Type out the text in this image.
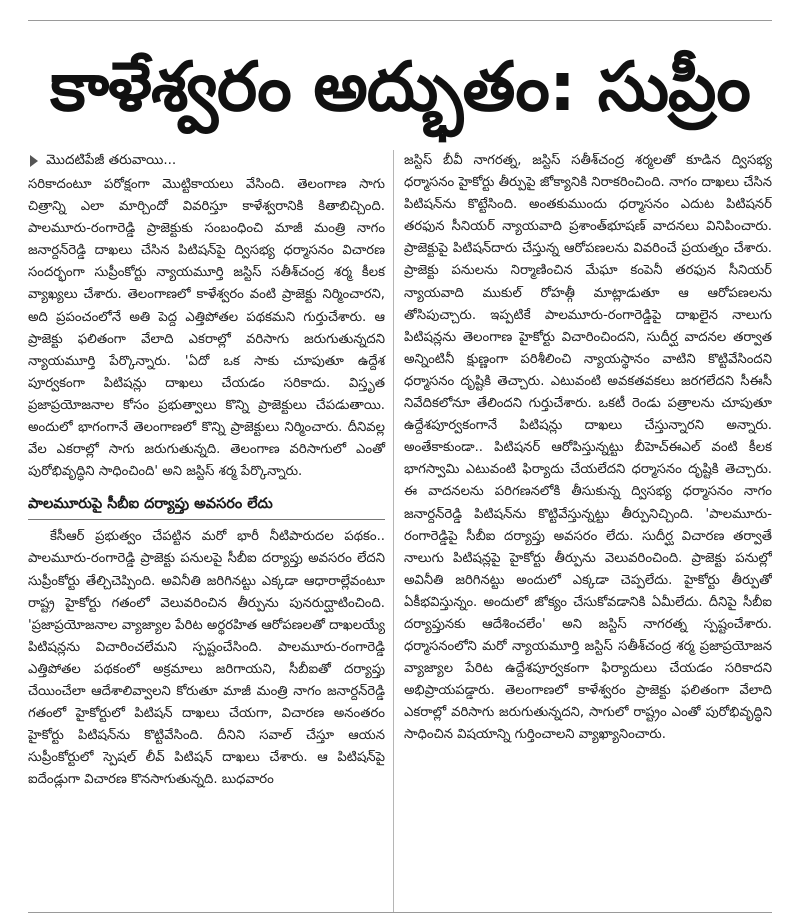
కాళేశ్వరం అద్భుతం: సుప్రీం
మొదటిపేజీ తరువాయి...

సరికాదంటూ పరోక్షంగా మొట్టికాయలు వేసింది. తెలంగాణ సాగు చిత్రాన్ని ఎలా మార్చిందో వివరిస్తూ కాళేశ్వరానికి కితాబిచ్చింది. పాలమూరు-రంగారెడ్డి ప్రాజెక్టుకు సంబంధించి మాజీ మంత్రి నాగం జనార్దన్‌రెడ్డి దాఖలు చేసిన పిటిషన్‌పై ద్విసభ్య ధర్మాసనం విచారణ సందర్భంగా సుప్రీంకోర్టు న్యాయమూర్తి జస్టిస్ సతీశ్‌చంద్ర శర్మ కీలక వ్యాఖ్యలు చేశారు. తెలంగాణలో కాళేశ్వరం వంటి ప్రాజెక్టు నిర్మించారని, అది ప్రపంచంలోనే అతి పెద్ద ఎత్తిపోతల పథకమని గుర్తుచేశారు. ఆ ప్రాజెక్టు ఫలితంగా వేలాది ఎకరాల్లో వరిసాగు జరుగుతున్నదని న్యాయమూర్తి పేర్కొన్నారు. 'ఏదో ఒక సాకు చూపుతూ ఉద్దేశ పూర్వకంగా పిటిషన్లు దాఖలు చేయడం సరికాదు. విస్తృత ప్రజాప్రయోజనాల కోసం ప్రభుత్వాలు కొన్ని ప్రాజెక్టులు చేపడుతాయి. అందులో భాగంగానే తెలంగాణలో కొన్ని ప్రాజెక్టులు నిర్మించారు. దీనివల్ల వేల ఎకరాల్లో సాగు జరుగుతున్నది. తెలంగాణ వరిసాగులో ఎంతో పురోభివృద్ధిని సాధించింది' అని జస్టిస్ శర్మ పేర్కొన్నారు.

పాలమూరుపై సీబీఐ దర్యాప్తు అవసరం లేదు

కేసీఆర్ ప్రభుత్వం చేపట్టిన మరో భారీ నీటిపారుదల పథకం.. పాలమూరు-రంగారెడ్డి ప్రాజెక్టు పనులపై సీబీఐ దర్యాప్తు అవసరం లేదని సుప్రీంకోర్టు తేల్చిచెప్పింది. అవినీతి జరిగినట్టు ఎక్కడా ఆధారాల్లేవంటూ రాష్ట్ర హైకోర్టు గతంలో వెలువరించిన తీర్పును పునరుద్ఘాటించింది. 'ప్రజాప్రయోజనాల వ్యాజ్యాల పేరిట అర్థరహిత ఆరోపణలతో దాఖలయ్యే పిటిషన్లను విచారించలేమని స్పష్టంచేసింది. పాలమూరు-రంగారెడ్డి ఎత్తిపోతల పథకంలో అక్రమాలు జరిగాయని, సీబీఐతో దర్యాప్తు చేయించేలా ఆదేశాలివ్వాలని కోరుతూ మాజీ మంత్రి నాగం జనార్దన్‌రెడ్డి గతంలో హైకోర్టులో పిటిషన్ దాఖలు చేయగా, విచారణ అనంతరం హైకోర్టు పిటిషన్‌ను కొట్టివేసింది. దీనిని సవాల్ చేస్తూ ఆయన సుప్రీంకోర్టులో స్పెషల్ లీవ్ పిటిషన్ దాఖలు చేశారు. ఆ పిటిషన్‌పై ఐదేండ్లుగా విచారణ కొనసాగుతున్నది. బుధవారం

జస్టిస్ బీవీ నాగరత్న, జస్టిస్ సతీశ్‌చంద్ర శర్మలతో కూడిన ద్విసభ్య ధర్మాసనం హైకోర్టు తీర్పుపై జోక్యానికి నిరాకరించింది. నాగం దాఖలు చేసిన పిటిషన్‌ను కొట్టేసింది. అంతకుముందు ధర్మాసనం ఎదుట పిటిషనర్ తరఫున సీనియర్ న్యాయవాది ప్రశాంత్‌భూషణ్ వాదనలు వినిపించారు. ప్రాజెక్టుపై పిటిషన్‌దారు చేస్తున్న ఆరోపణలను వివరించే ప్రయత్నం చేశారు. ప్రాజెక్టు పనులను నిర్మాణించిన మేఘా కంపెనీ తరఫున సీనియర్ న్యాయవాది ముకుల్ రోహత్గీ మాట్లాడుతూ ఆ ఆరోపణలను తోసిపుచ్చారు. ఇప్పటికే పాలమూరు-రంగారెడ్డిపై దాఖలైన నాలుగు పిటిషన్లను తెలంగాణ హైకోర్టు విచారించిందని, సుదీర్ఘ వాదనల తర్వాత అన్నింటినీ క్షుణ్ణంగా పరిశీలించి న్యాయస్థానం వాటిని కొట్టివేసిందని ధర్మాసనం దృష్టికి తెచ్చారు. ఎటువంటి అవకతవకలు జరగలేదని సీఈసీ నివేదికలోనూ తేలిందని గుర్తుచేశారు. ఒకటీ రెండు పత్రాలను చూపుతూ ఉద్దేశపూర్వకంగానే పిటిషన్లు దాఖలు చేస్తున్నారని అన్నారు. అంతేకాకుండా.. పిటిషనర్ ఆరోపిస్తున్నట్టు బీహెచ్‌ఈఎల్ వంటి కీలక భాగస్వామి ఎటువంటి ఫిర్యాదు చేయలేదని ధర్మాసనం దృష్టికి తెచ్చారు. ఈ వాదనలను పరిగణనలోకి తీసుకున్న ద్విసభ్య ధర్మాసనం నాగం జనార్దన్‌రెడ్డి పిటిషన్‌ను కొట్టివేస్తున్నట్టు తీర్పునిచ్చింది. 'పాలమూరు-రంగారెడ్డిపై సీబీఐ దర్యాప్తు అవసరం లేదు. సుదీర్ఘ విచారణ తర్వాతే నాలుగు పిటిషన్లపై హైకోర్టు తీర్పును వెలువరించింది. ప్రాజెక్టు పనుల్లో అవినీతి జరిగినట్టు అందులో ఎక్కడా చెప్పలేదు. హైకోర్టు తీర్పుతో ఏకీభవిస్తున్నం. అందులో జోక్యం చేసుకోవడానికి ఏమీలేదు. దీనిపై సీబీఐ దర్యాప్తునకు ఆదేశించలేం' అని జస్టిస్ నాగరత్న స్పష్టంచేశారు. ధర్మాసనంలోని మరో న్యాయమూర్తి జస్టిస్ సతీశ్‌చంద్ర శర్మ ప్రజాప్రయోజన వ్యాజ్యాల పేరిట ఉద్దేశపూర్వకంగా ఫిర్యాదులు చేయడం సరికాదని అభిప్రాయపడ్డారు. తెలంగాణలో కాళేశ్వరం ప్రాజెక్టు ఫలితంగా వేలాది ఎకరాల్లో వరిసాగు జరుగుతున్నదని, సాగులో రాష్ట్రం ఎంతో పురోభివృద్ధిని సాధించిన విషయాన్ని గుర్తించాలని వ్యాఖ్యానించారు.
